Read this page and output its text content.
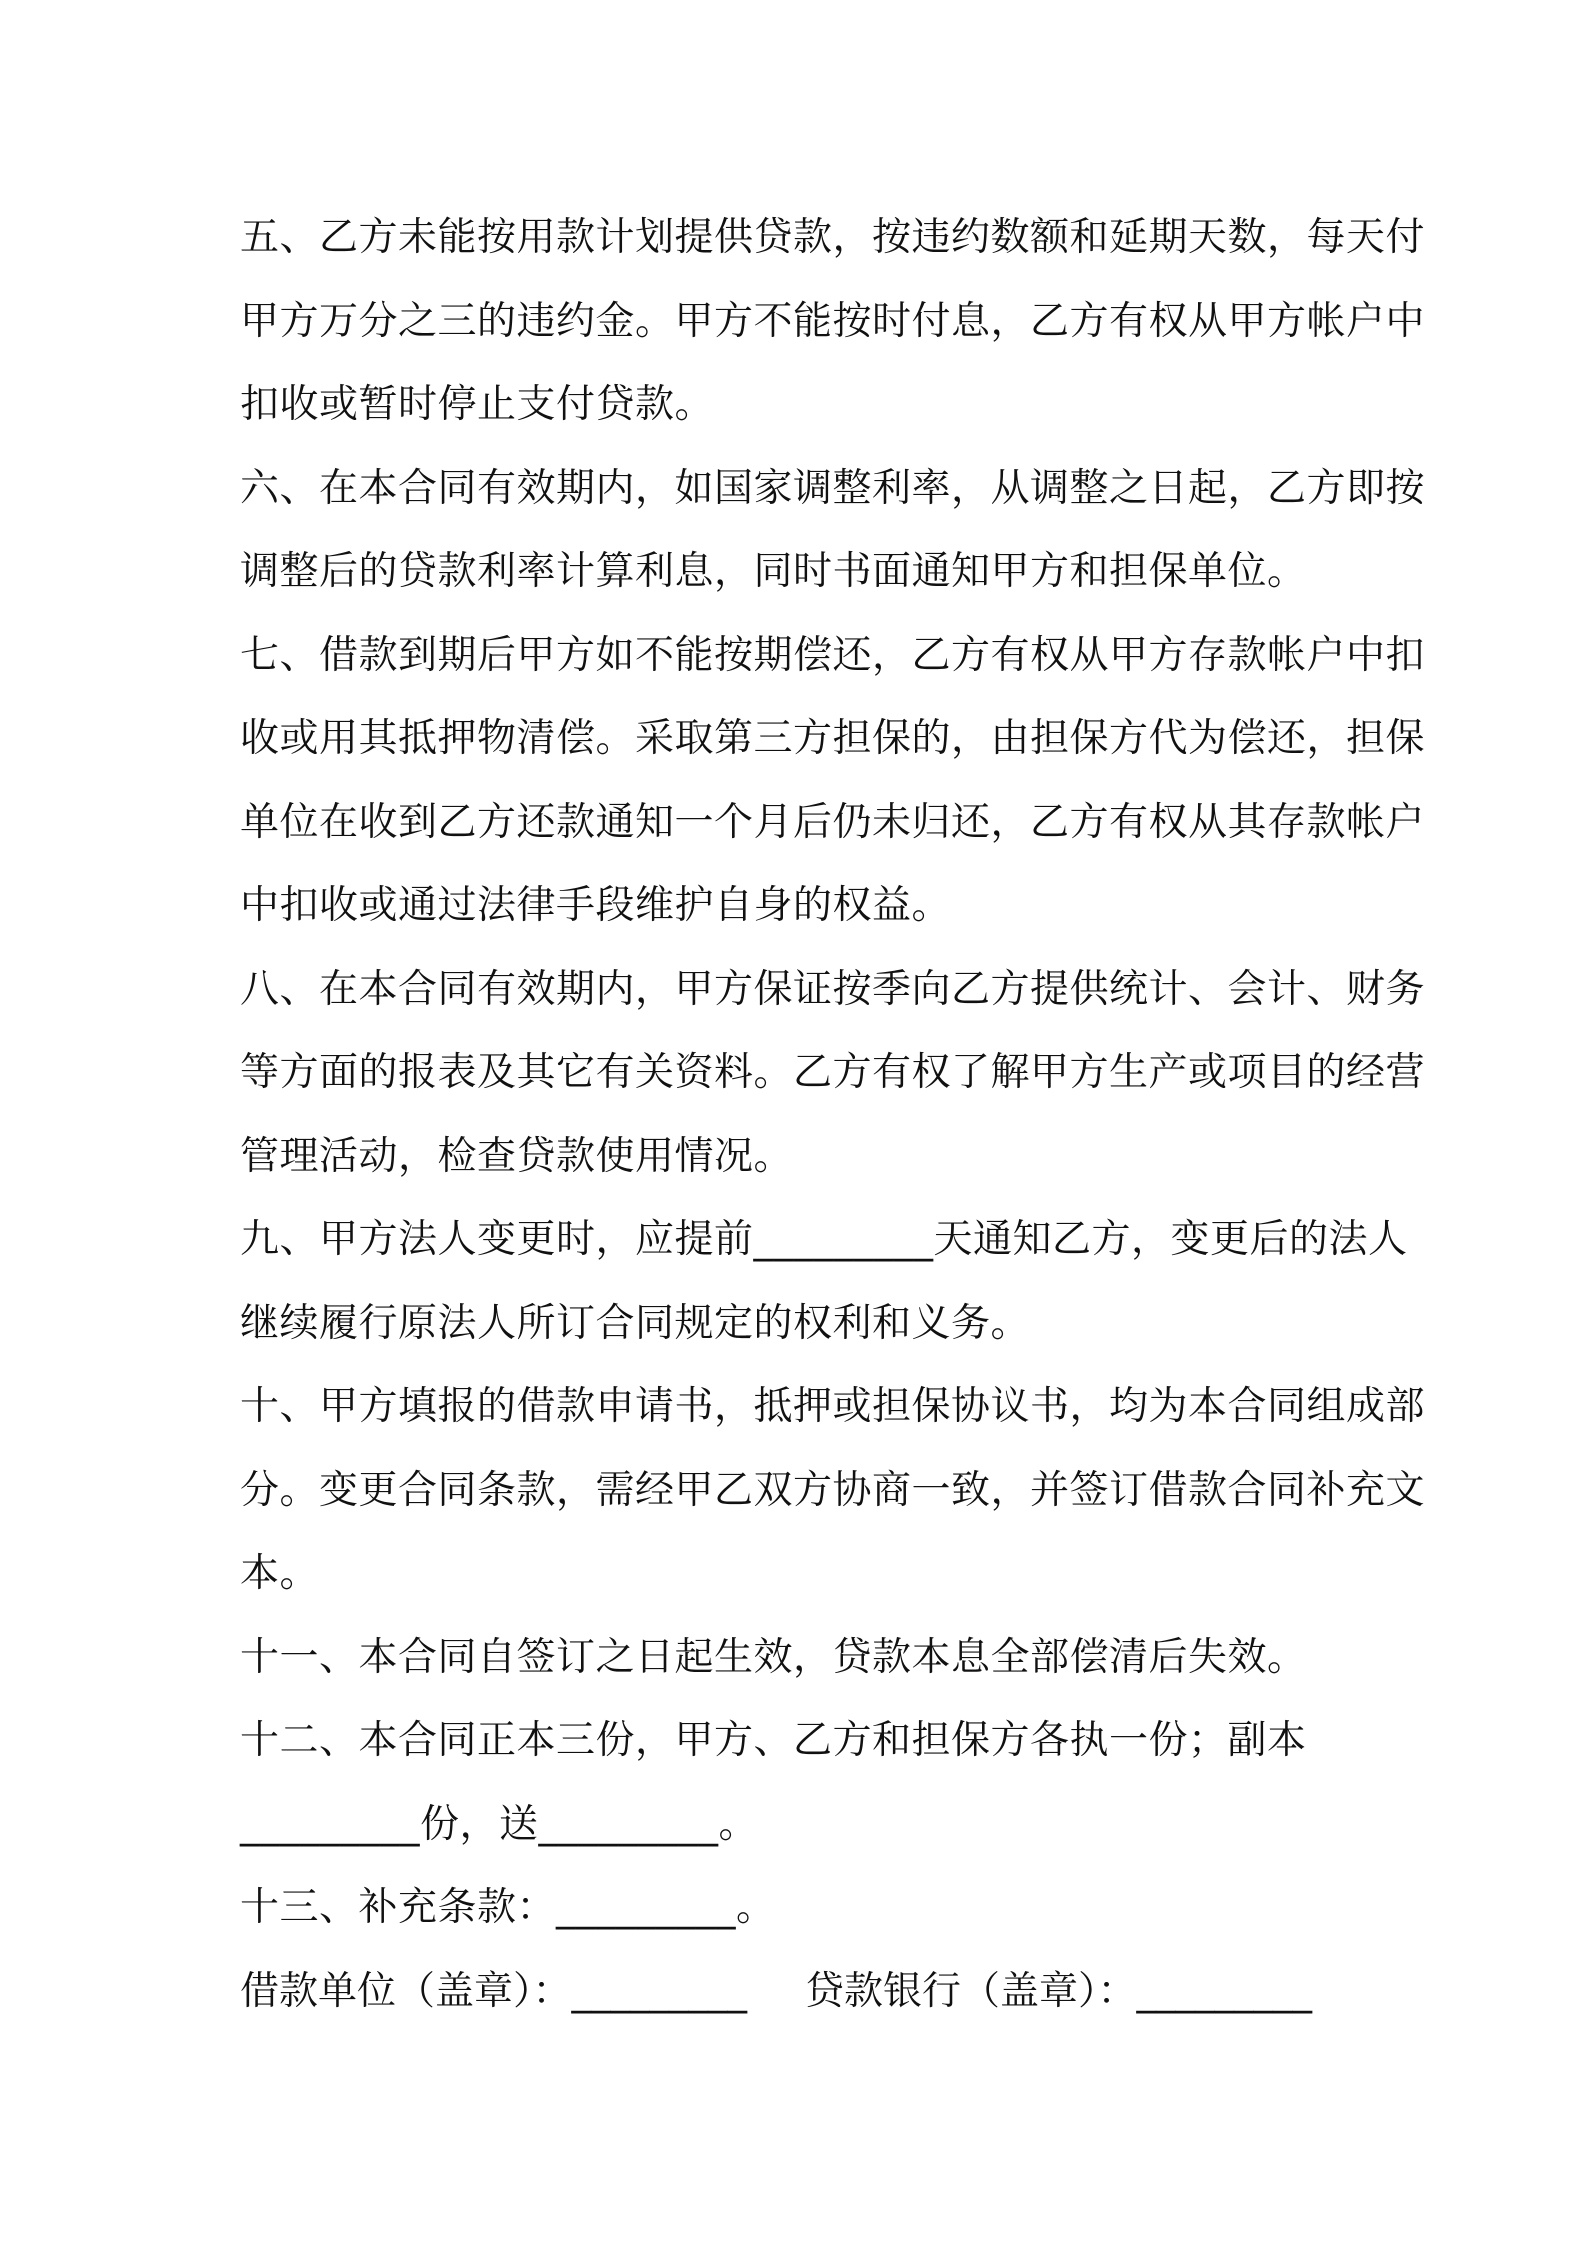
五、乙方未能按用款计划提供贷款，按违约数额和延期天数，每天付
甲方万分之三的违约金。甲方不能按时付息，乙方有权从甲方帐户中
扣收或暂时停止支付贷款。
六、在本合同有效期内，如国家调整利率，从调整之日起，乙方即按
调整后的贷款利率计算利息，同时书面通知甲方和担保单位。
七、借款到期后甲方如不能按期偿还，乙方有权从甲方存款帐户中扣
收或用其抵押物清偿。采取第三方担保的，由担保方代为偿还，担保
单位在收到乙方还款通知一个月后仍未归还，乙方有权从其存款帐户
中扣收或通过法律手段维护自身的权益。
八、在本合同有效期内，甲方保证按季向乙方提供统计、会计、财务
等方面的报表及其它有关资料。乙方有权了解甲方生产或项目的经营
管理活动，检查贷款使用情况。
九、甲方法人变更时，应提前_________天通知乙方，变更后的法人
继续履行原法人所订合同规定的权利和义务。
十、甲方填报的借款申请书，抵押或担保协议书，均为本合同组成部
分。变更合同条款，需经甲乙双方协商一致，并签订借款合同补充文
本。
十一、本合同自签订之日起生效，贷款本息全部偿清后失效。
十二、本合同正本三份，甲方、乙方和担保方各执一份；副本
_________份，送_________。
十三、补充条款：_________。
借款单位（盖章）：_________ 贷款银行（盖章）：_________
